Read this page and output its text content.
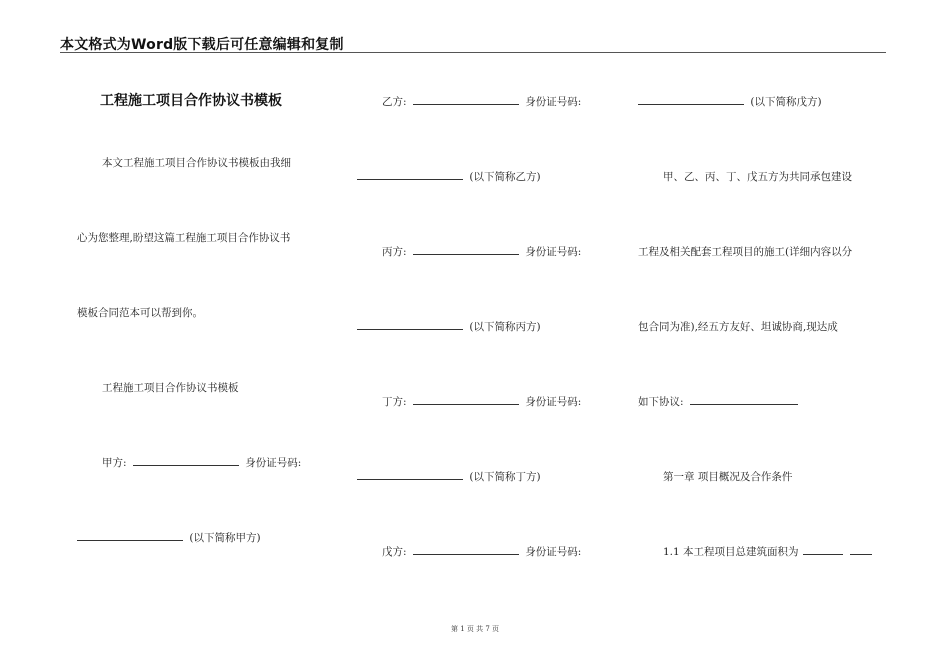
本文格式为Word版下载后可任意编辑和复制
工程施工项目合作协议书模板
本文工程施工项目合作协议书模板由我细
心为您整理,盼望这篇工程施工项目合作协议书
模板合同范本可以帮到你。
工程施工项目合作协议书模板
甲方:	身份证号码:
(以下简称甲方)
乙方:	身份证号码:
(以下简称乙方)
丙方:	身份证号码:
(以下简称丙方)
丁方:	身份证号码:
(以下简称丁方)
戊方:	身份证号码:
(以下简称戊方)
甲、乙、丙、丁、戊五方为共同承包建设
工程及相关配套工程项目的施工(详细内容以分
包合同为准),经五方友好、坦诚协商,现达成
如下协议:
第一章 项目概况及合作条件
1.1 本工程项目总建筑面积为
第 1 页 共 7 页
